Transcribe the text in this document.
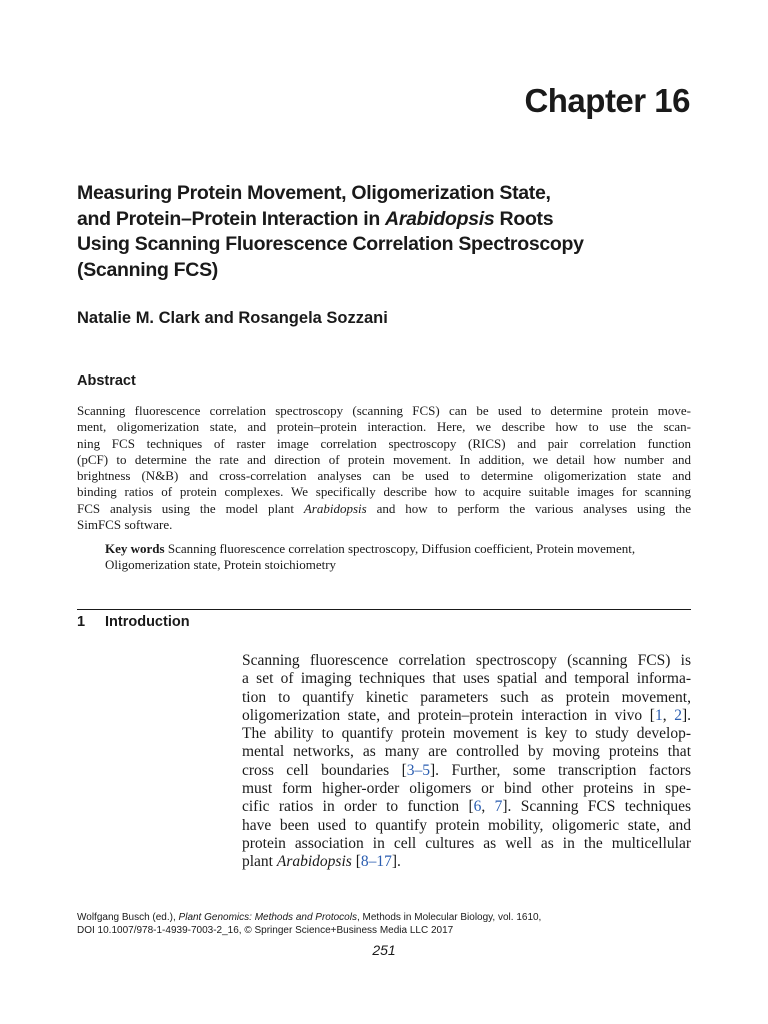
Chapter 16
Measuring Protein Movement, Oligomerization State,
and Protein–Protein Interaction in Arabidopsis Roots
Using Scanning Fluorescence Correlation Spectroscopy
(Scanning FCS)

Natalie M. Clark and Rosangela Sozzani

Abstract
Scanning fluorescence correlation spectroscopy (scanning FCS) can be used to determine protein move-
ment, oligomerization state, and protein–protein interaction. Here, we describe how to use the scan-
ning FCS techniques of raster image correlation spectroscopy (RICS) and pair correlation function
(pCF) to determine the rate and direction of protein movement. In addition, we detail how number and
brightness (N&B) and cross-correlation analyses can be used to determine oligomerization state and
binding ratios of protein complexes. We specifically describe how to acquire suitable images for scanning
FCS analysis using the model plant Arabidopsis and how to perform the various analyses using the
SimFCS software.

Key words Scanning fluorescence correlation spectroscopy, Diffusion coefficient, Protein movement, Oligomerization state, Protein stoichiometry

1 Introduction
Scanning fluorescence correlation spectroscopy (scanning FCS) is
a set of imaging techniques that uses spatial and temporal informa-
tion to quantify kinetic parameters such as protein movement,
oligomerization state, and protein–protein interaction in vivo [1, 2].
The ability to quantify protein movement is key to study develop-
mental networks, as many are controlled by moving proteins that
cross cell boundaries [3–5]. Further, some transcription factors
must form higher-order oligomers or bind other proteins in spe-
cific ratios in order to function [6, 7]. Scanning FCS techniques
have been used to quantify protein mobility, oligomeric state, and
protein association in cell cultures as well as in the multicellular
plant Arabidopsis [8–17].

Wolfgang Busch (ed.), Plant Genomics: Methods and Protocols, Methods in Molecular Biology, vol. 1610,
DOI 10.1007/978-1-4939-7003-2_16, © Springer Science+Business Media LLC 2017

251
